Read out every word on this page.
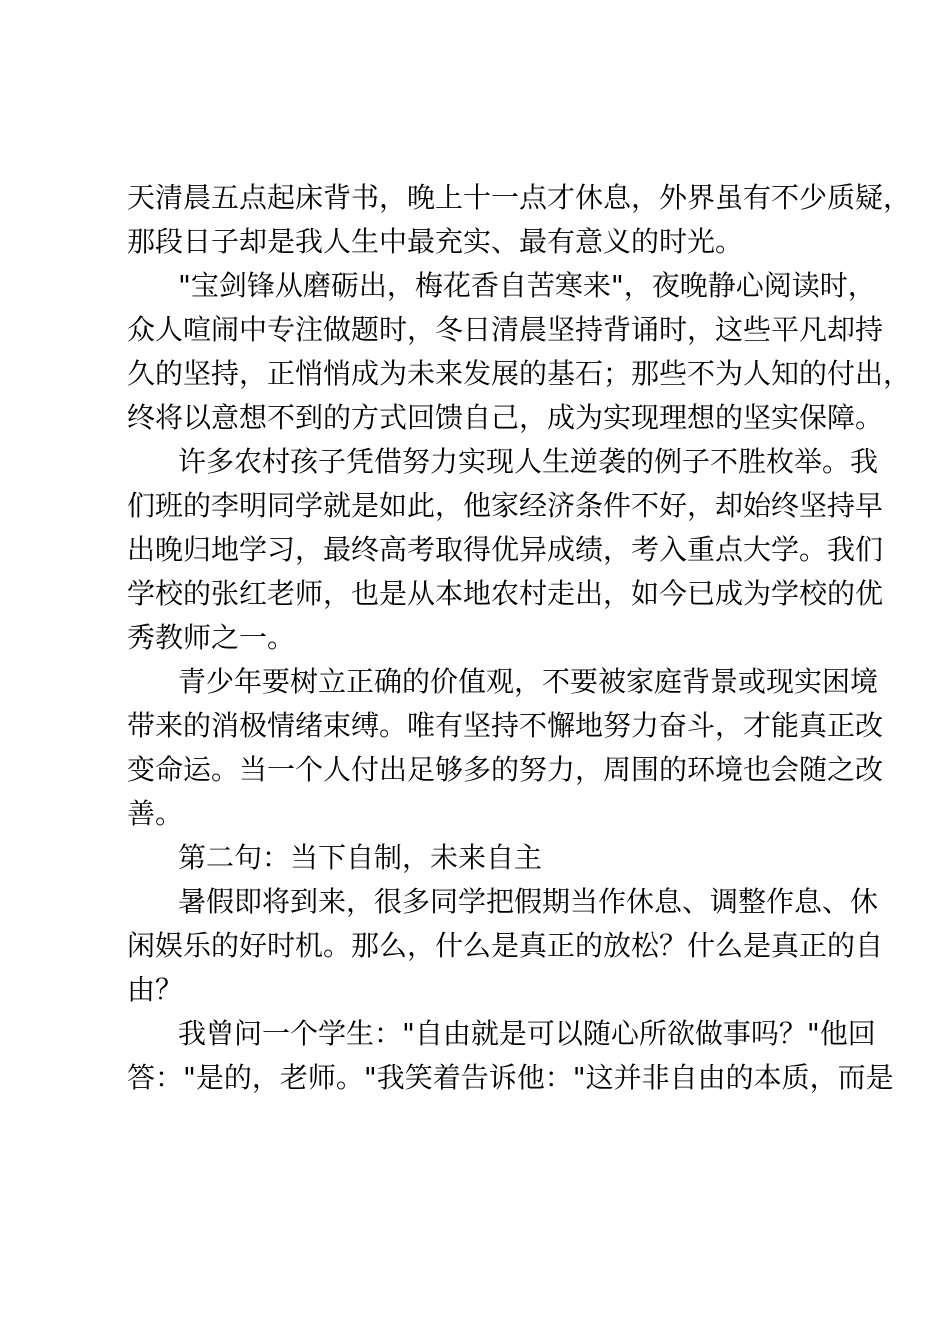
天清晨五点起床背书，晚上十一点才休息，外界虽有不少质疑，
那段日子却是我人生中最充实、最有意义的时光。
"宝剑锋从磨砺出，梅花香自苦寒来"，夜晚静心阅读时，
众人喧闹中专注做题时，冬日清晨坚持背诵时，这些平凡却持
久的坚持，正悄悄成为未来发展的基石；那些不为人知的付出，
终将以意想不到的方式回馈自己，成为实现理想的坚实保障。
许多农村孩子凭借努力实现人生逆袭的例子不胜枚举。我
们班的李明同学就是如此，他家经济条件不好，却始终坚持早
出晚归地学习，最终高考取得优异成绩，考入重点大学。我们
学校的张红老师，也是从本地农村走出，如今已成为学校的优
秀教师之一。
青少年要树立正确的价值观，不要被家庭背景或现实困境
带来的消极情绪束缚。唯有坚持不懈地努力奋斗，才能真正改
变命运。当一个人付出足够多的努力，周围的环境也会随之改
善。
第二句：当下自制，未来自主
暑假即将到来，很多同学把假期当作休息、调整作息、休
闲娱乐的好时机。那么，什么是真正的放松？什么是真正的自
由？
我曾问一个学生："自由就是可以随心所欲做事吗？"他回
答："是的，老师。"我笑着告诉他："这并非自由的本质，而是
